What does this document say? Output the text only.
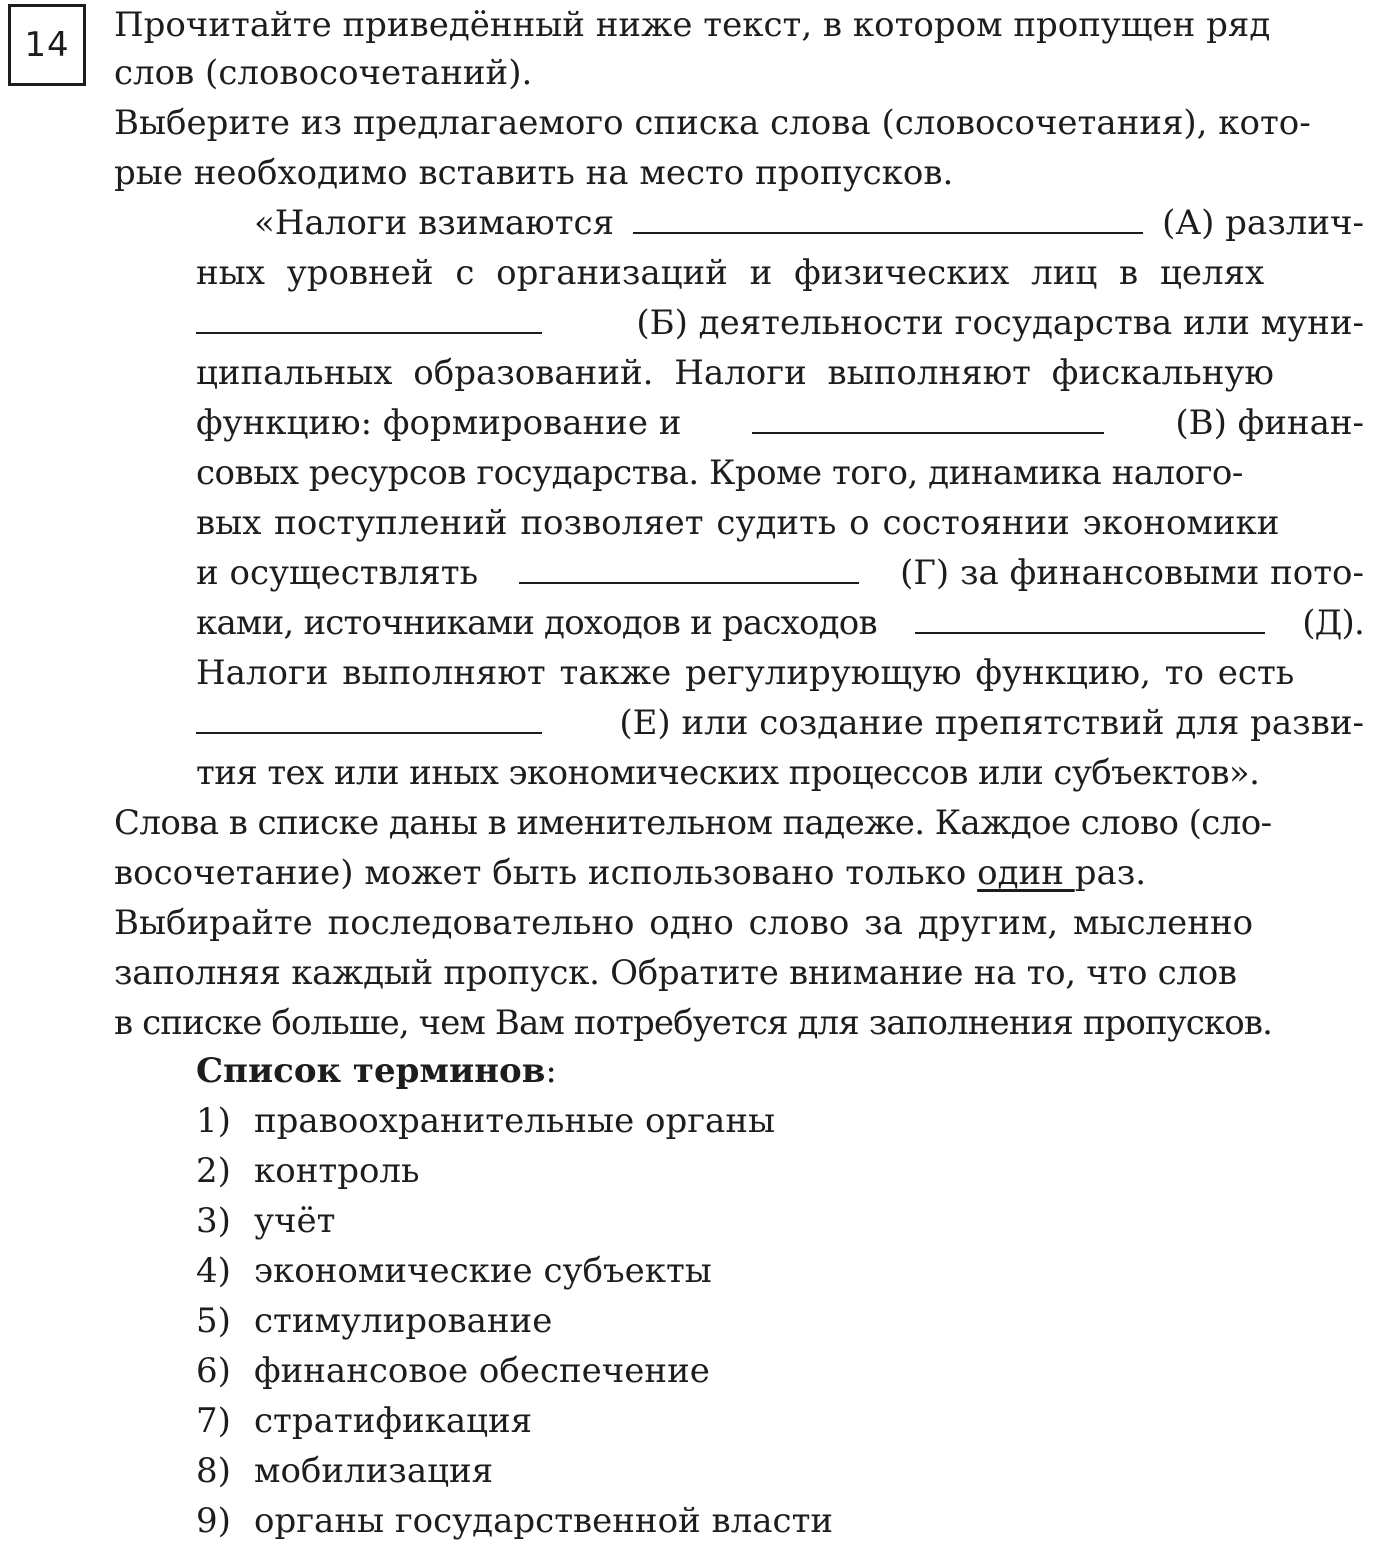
14	Прочитайте приведённый ниже текст, в котором пропущен ряд
слов (словосочетаний).
Выберите из предлагаемого списка слова (словосочетания), кото-
рые необходимо вставить на место пропусков.
«Налоги взимаются	(А) различ-
ных уровней с организаций и физических лиц в целях
(Б) деятельности государства или муни-
ципальных образований. Налоги выполняют фискальную
функцию: формирование и	(В) финан-
совых ресурсов государства. Кроме того, динамика налого-
вых поступлений позволяет судить о состоянии экономики
и осуществлять	(Г) за финансовыми пото-
ками, источниками доходов и расходов	(Д).
Налоги выполняют также регулирующую функцию, то есть
(Е) или создание препятствий для разви-
тия тех или иных экономических процессов или субъектов».
Слова в списке даны в именительном падеже. Каждое слово (сло-
восочетание) может быть использовано только один раз.
Выбирайте последовательно одно слово за другим, мысленно
заполняя каждый пропуск. Обратите внимание на то, что слов
в списке больше, чем Вам потребуется для заполнения пропусков.
Список терминов:
1) правоохранительные органы
2) контроль
3) учёт
4) экономические субъекты
5) стимулирование
6) финансовое обеспечение
7) стратификация
8) мобилизация
9) органы государственной власти
